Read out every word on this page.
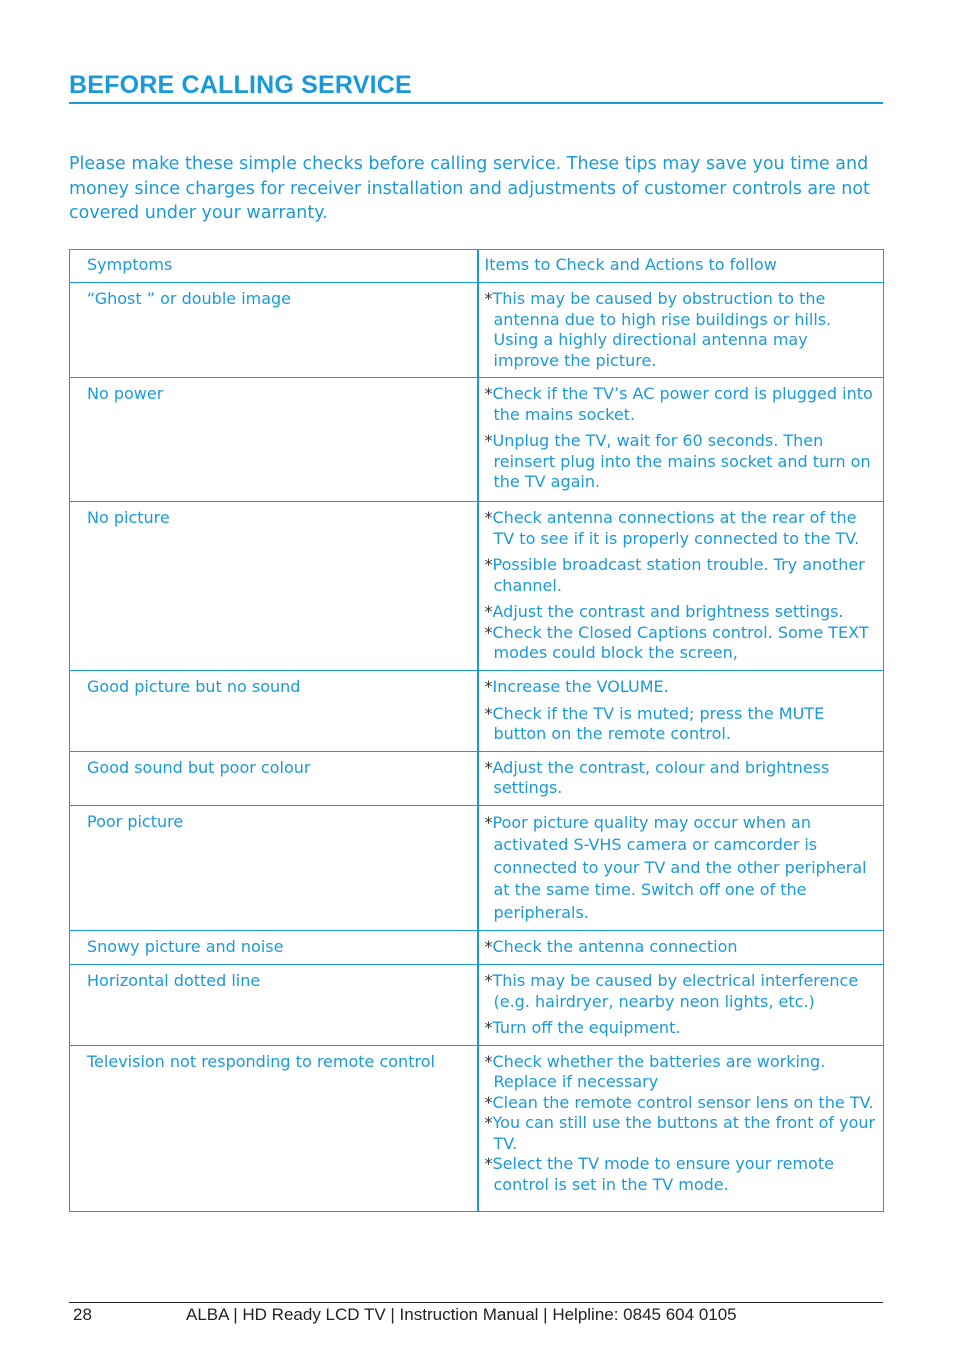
BEFORE CALLING SERVICE

Please make these simple checks before calling service. These tips may save you time and money since charges for receiver installation and adjustments of customer controls are not covered under your warranty.

Symptoms	Items to Check and Actions to follow
“Ghost ” or double image	*This may be caused by obstruction to the antenna due to high rise buildings or hills. Using a highly directional antenna may improve the picture.

No power	*Check if the TV’s AC power cord is plugged into the mains socket.

*Unplug the TV, wait for 60 seconds. Then reinsert plug into the mains socket and turn on the TV again.

No picture	*Check antenna connections at the rear of the TV to see if it is properly connected to the TV.

*Possible broadcast station trouble. Try another channel.

*Adjust the contrast and brightness settings.

*Check the Closed Captions control. Some TEXT modes could block the screen,

Good picture but no sound	*Increase the VOLUME.

*Check if the TV is muted; press the MUTE button on the remote control.

Good sound but poor colour	*Adjust the contrast, colour and brightness settings.

Poor picture	*Poor picture quality may occur when an activated S-VHS camera or camcorder is connected to your TV and the other peripheral at the same time. Switch off one of the peripherals.

Snowy picture and noise	*Check the antenna connection

Horizontal dotted line	*This may be caused by electrical interference (e.g. hairdryer, nearby neon lights, etc.)

*Turn off the equipment.

Television not responding to remote control	*Check whether the batteries are working. Replace if necessary

*Clean the remote control sensor lens on the TV.

*You can still use the buttons at the front of your TV.

*Select the TV mode to ensure your remote control is set in the TV mode.

28	ALBA | HD Ready LCD TV | Instruction Manual | Helpline: 0845 604 0105
